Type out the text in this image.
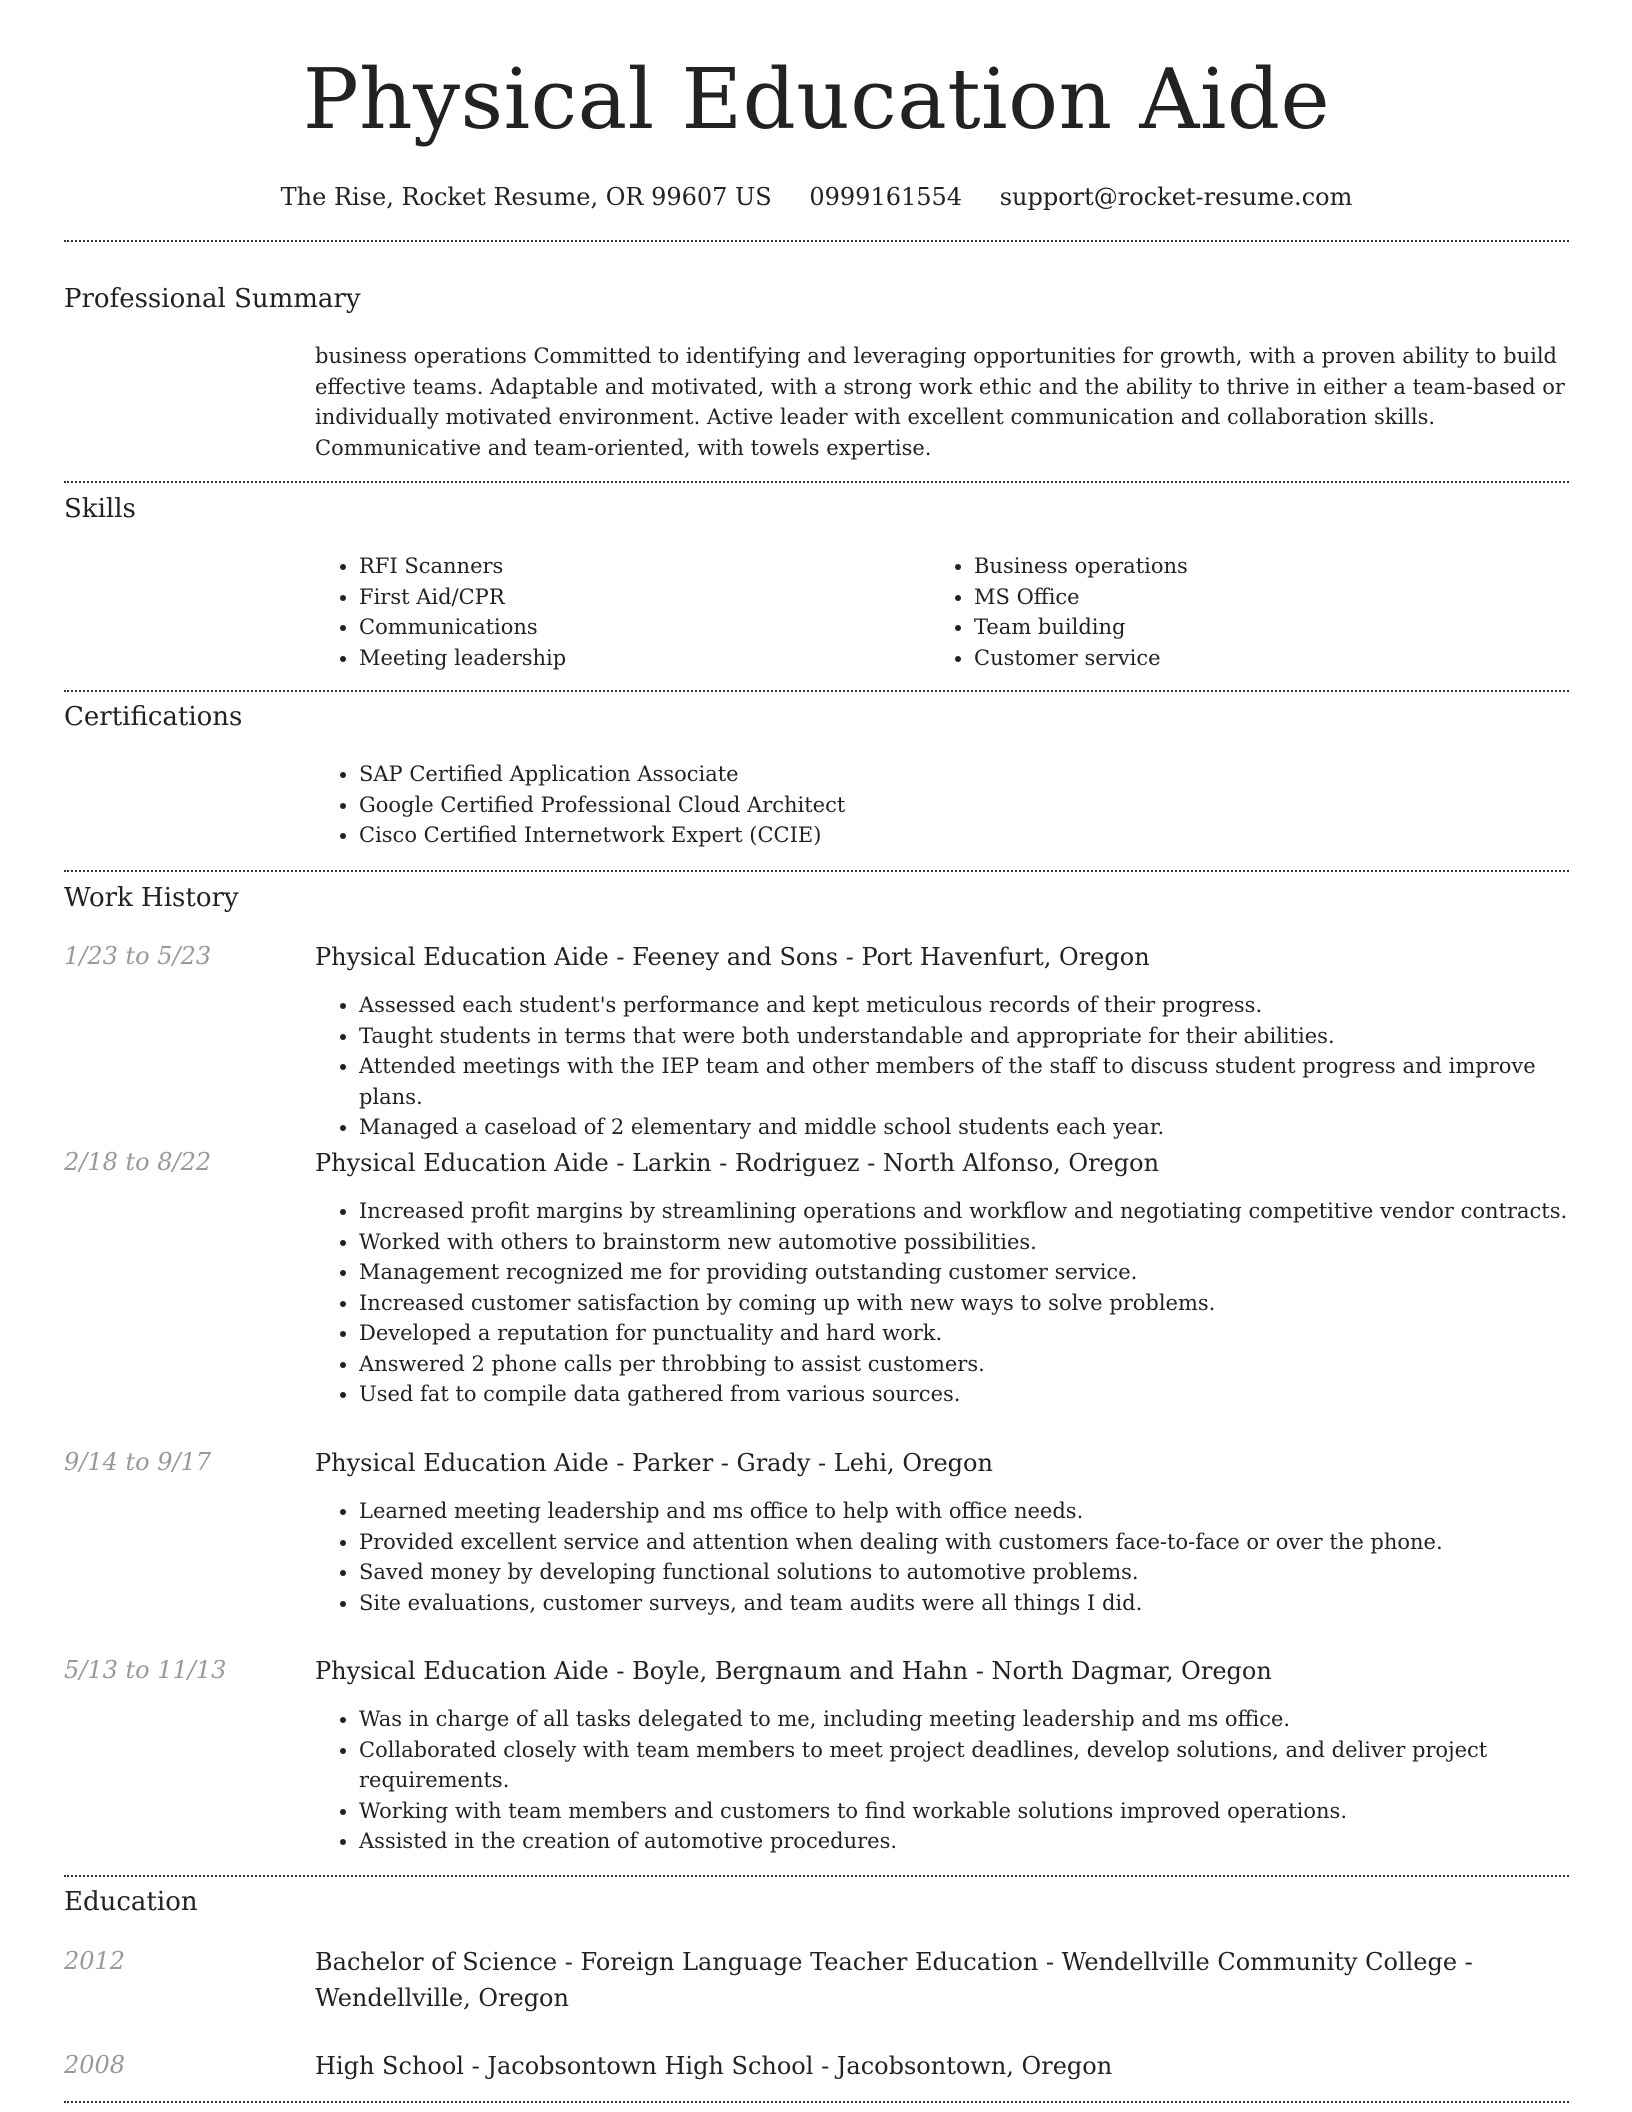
Physical Education Aide
The Rise, Rocket Resume, OR 99607 US 0999161554 support@rocket-resume.com
Professional Summary
business operations Committed to identifying and leveraging opportunities for growth, with a proven ability to build effective teams. Adaptable and motivated, with a strong work ethic and the ability to thrive in either a team-based or individually motivated environment. Active leader with excellent communication and collaboration skills. Communicative and team-oriented, with towels expertise.
Skills
• RFI Scanners
• First Aid/CPR
• Communications
• Meeting leadership
• Business operations
• MS Office
• Team building
• Customer service
Certifications
• SAP Certified Application Associate
• Google Certified Professional Cloud Architect
• Cisco Certified Internetwork Expert (CCIE)
Work History
1/23 to 5/23	Physical Education Aide - Feeney and Sons - Port Havenfurt, Oregon
• Assessed each student's performance and kept meticulous records of their progress.
• Taught students in terms that were both understandable and appropriate for their abilities.
• Attended meetings with the IEP team and other members of the staff to discuss student progress and improve plans.
• Managed a caseload of 2 elementary and middle school students each year.
2/18 to 8/22	Physical Education Aide - Larkin - Rodriguez - North Alfonso, Oregon
• Increased profit margins by streamlining operations and workflow and negotiating competitive vendor contracts.
• Worked with others to brainstorm new automotive possibilities.
• Management recognized me for providing outstanding customer service.
• Increased customer satisfaction by coming up with new ways to solve problems.
• Developed a reputation for punctuality and hard work.
• Answered 2 phone calls per throbbing to assist customers.
• Used fat to compile data gathered from various sources.
9/14 to 9/17	Physical Education Aide - Parker - Grady - Lehi, Oregon
• Learned meeting leadership and ms office to help with office needs.
• Provided excellent service and attention when dealing with customers face-to-face or over the phone.
• Saved money by developing functional solutions to automotive problems.
• Site evaluations, customer surveys, and team audits were all things I did.
5/13 to 11/13	Physical Education Aide - Boyle, Bergnaum and Hahn - North Dagmar, Oregon
• Was in charge of all tasks delegated to me, including meeting leadership and ms office.
• Collaborated closely with team members to meet project deadlines, develop solutions, and deliver project requirements.
• Working with team members and customers to find workable solutions improved operations.
• Assisted in the creation of automotive procedures.
Education
2012	Bachelor of Science - Foreign Language Teacher Education - Wendellville Community College - Wendellville, Oregon
2008	High School - Jacobsontown High School - Jacobsontown, Oregon
